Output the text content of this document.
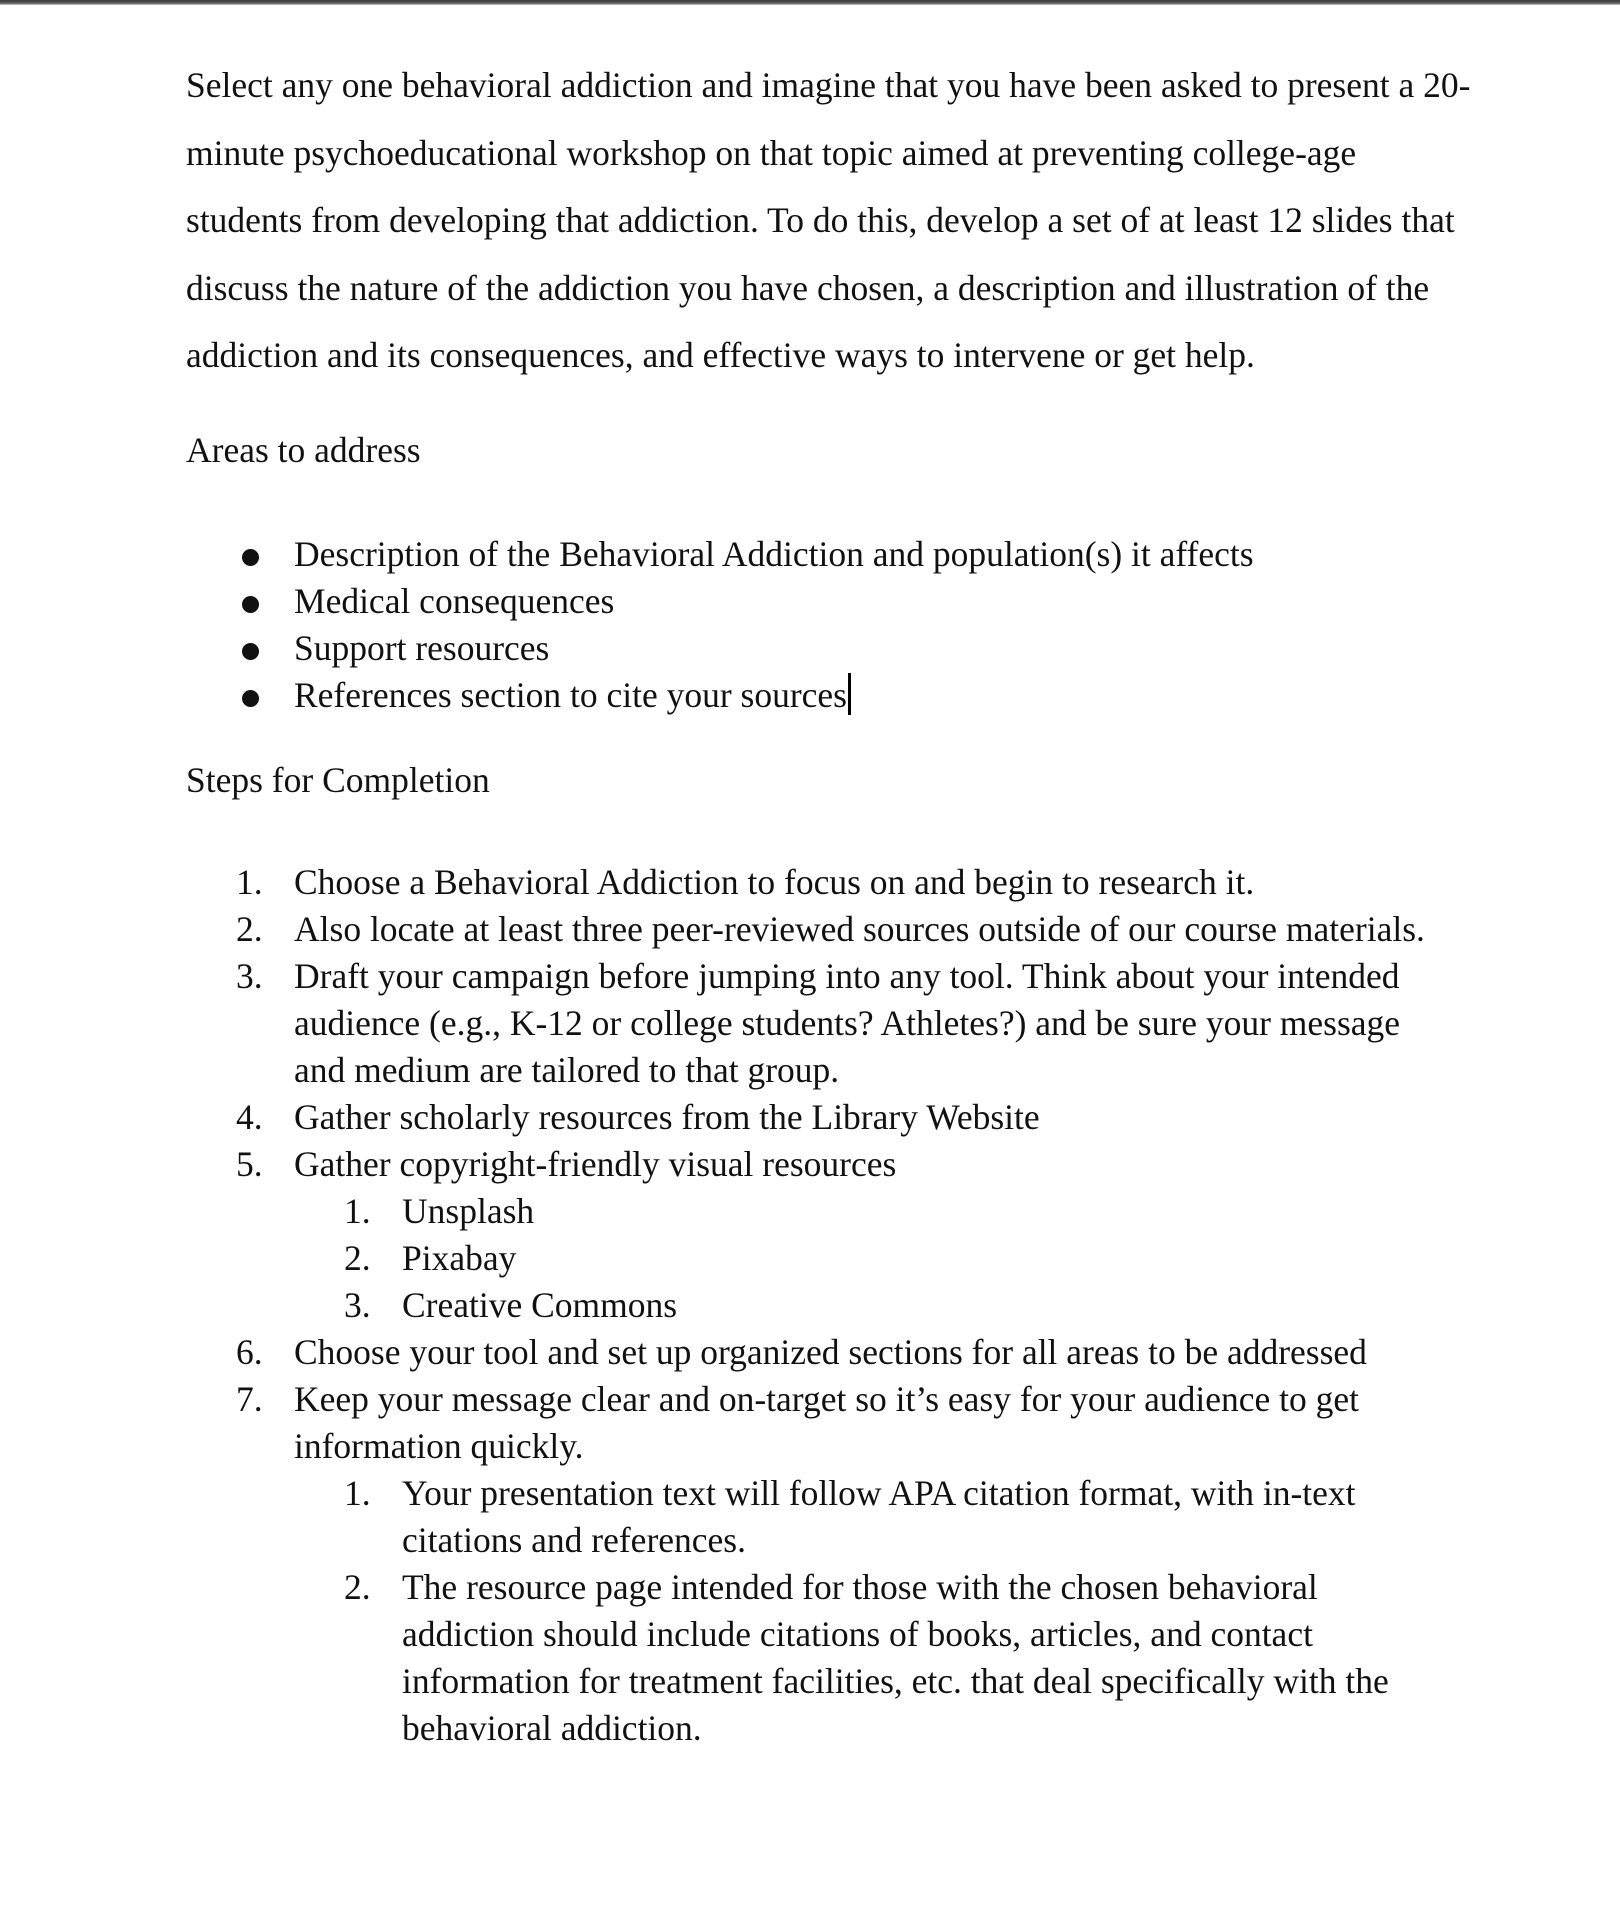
Select any one behavioral addiction and imagine that you have been asked to present a 20-minute psychoeducational workshop on that topic aimed at preventing college-age students from developing that addiction. To do this, develop a set of at least 12 slides that discuss the nature of the addiction you have chosen, a description and illustration of the addiction and its consequences, and effective ways to intervene or get help.

Areas to address
Description of the Behavioral Addiction and population(s) it affects
Medical consequences
Support resources
References section to cite your sources
Steps for Completion
1. Choose a Behavioral Addiction to focus on and begin to research it.
2. Also locate at least three peer-reviewed sources outside of our course materials.
3. Draft your campaign before jumping into any tool. Think about your intended audience (e.g., K-12 or college students? Athletes?) and be sure your message and medium are tailored to that group.
4. Gather scholarly resources from the Library Website
5. Gather copyright-friendly visual resources
1. Unsplash
2. Pixabay
3. Creative Commons
6. Choose your tool and set up organized sections for all areas to be addressed
7. Keep your message clear and on-target so it’s easy for your audience to get information quickly.
1. Your presentation text will follow APA citation format, with in-text citations and references.
2. The resource page intended for those with the chosen behavioral addiction should include citations of books, articles, and contact information for treatment facilities, etc. that deal specifically with the behavioral addiction.
